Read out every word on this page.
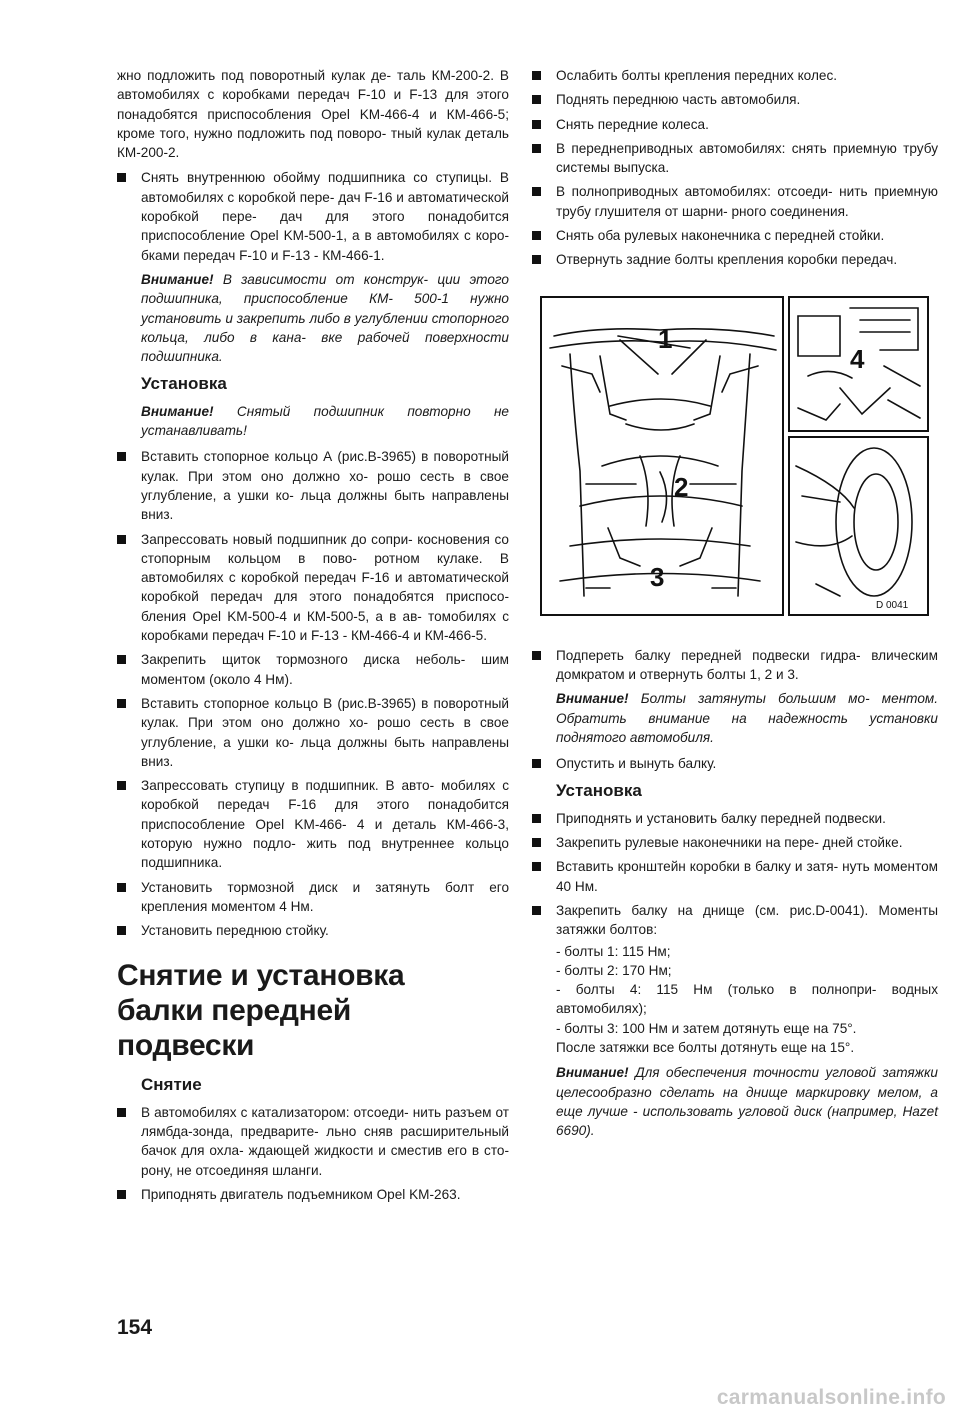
жно подложить под поворотный кулак де- таль КМ-200-2. В автомобилях с коробками передач F-10 и F-13 для этого понадобятся приспособления Opel KM-466-4 и КМ-466-5; кроме того, нужно подложить под поворо- тный кулак деталь КМ-200-2.

Снять внутреннюю обойму подшипника со ступицы. В автомобилях с коробкой пере- дач F-16 и автоматической коробкой пере- дач для этого понадобится приспособление Opel KM-500-1, а в автомобилях с коро- бками передач F-10 и F-13 - КМ-466-1.

Внимание! В зависимости от конструк- ции этого подшипника, приспособление КМ- 500-1 нужно установить и закрепить либо в углублении стопорного кольца, либо в кана- вке рабочей поверхности подшипника.

Установка

Внимание! Снятый подшипник повторно не устанавливать!

Вставить стопорное кольцо А (рис.В-3965) в поворотный кулак. При этом оно должно хо- рошо сесть в свое углубление, а ушки ко- льца должны быть направлены вниз.

Запрессовать новый подшипник до сопри- косновения со стопорным кольцом в пово- ротном кулаке. В автомобилях с коробкой передач F-16 и автоматической коробкой передач для этого понадобятся приспосо- бления Opel KM-500-4 и КМ-500-5, а в ав- томобилях с коробками передач F-10 и F-13 - КМ-466-4 и КМ-466-5.

Закрепить щиток тормозного диска неболь- шим моментом (около 4 Нм).

Вставить стопорное кольцо В (рис.В-3965) в поворотный кулак. При этом оно должно хо- рошо сесть в свое углубление, а ушки ко- льца должны быть направлены вниз.

Запрессовать ступицу в подшипник. В авто- мобилях с коробкой передач F-16 для этого понадобится приспособление Opel KM-466- 4 и деталь КМ-466-3, которую нужно подло- жить под внутреннее кольцо подшипника.

Установить тормозной диск и затянуть болт его крепления моментом 4 Нм.

Установить переднюю стойку.

Снятие и установка
балки передней
подвески
Снятие

В автомобилях с катализатором: отсоеди- нить разъем от лямбда-зонда, предварите- льно сняв расширительный бачок для охла- ждающей жидкости и сместив его в сто- рону, не отсоединяя шланги.

Приподнять двигатель подъемником Opel KM-263.

Ослабить болты крепления передних колес.

Поднять переднюю часть автомобиля.

Снять передние колеса.

В переднеприводных автомобилях: снять приемную трубу системы выпуска.

В полноприводных автомобилях: отсоеди- нить приемную трубу глушителя от шарни- рного соединения.

Снять оба рулевых наконечника с передней стойки.

Отвернуть задние болты крепления коробки передач.

1
2
3
4
D 0041

Подпереть балку передней подвески гидра- влическим домкратом и отвернуть болты 1, 2 и 3.

Внимание! Болты затянуты большим мо- ментом. Обратить внимание на надежность установки поднятого автомобиля.

Опустить и вынуть балку.

Установка

Приподнять и установить балку передней подвески.

Закрепить рулевые наконечники на пере- дней стойке.

Вставить кронштейн коробки в балку и затя- нуть моментом 40 Нм.

Закрепить балку на днище (см. рис.D-0041). Моменты затяжки болтов:

- болты 1: 115 Нм;

- болты 2: 170 Нм;

- болты 4: 115 Нм (только в полнопри- водных автомобилях);

- болты 3: 100 Нм и затем дотянуть еще на 75°.

После затяжки все болты дотянуть еще на 15°.

Внимание! Для обеспечения точности угловой затяжки целесообразно сделать на днище маркировку мелом, а еще лучше - использовать угловой диск (например, Hazet 6690).

154
carmanualsonline.info
